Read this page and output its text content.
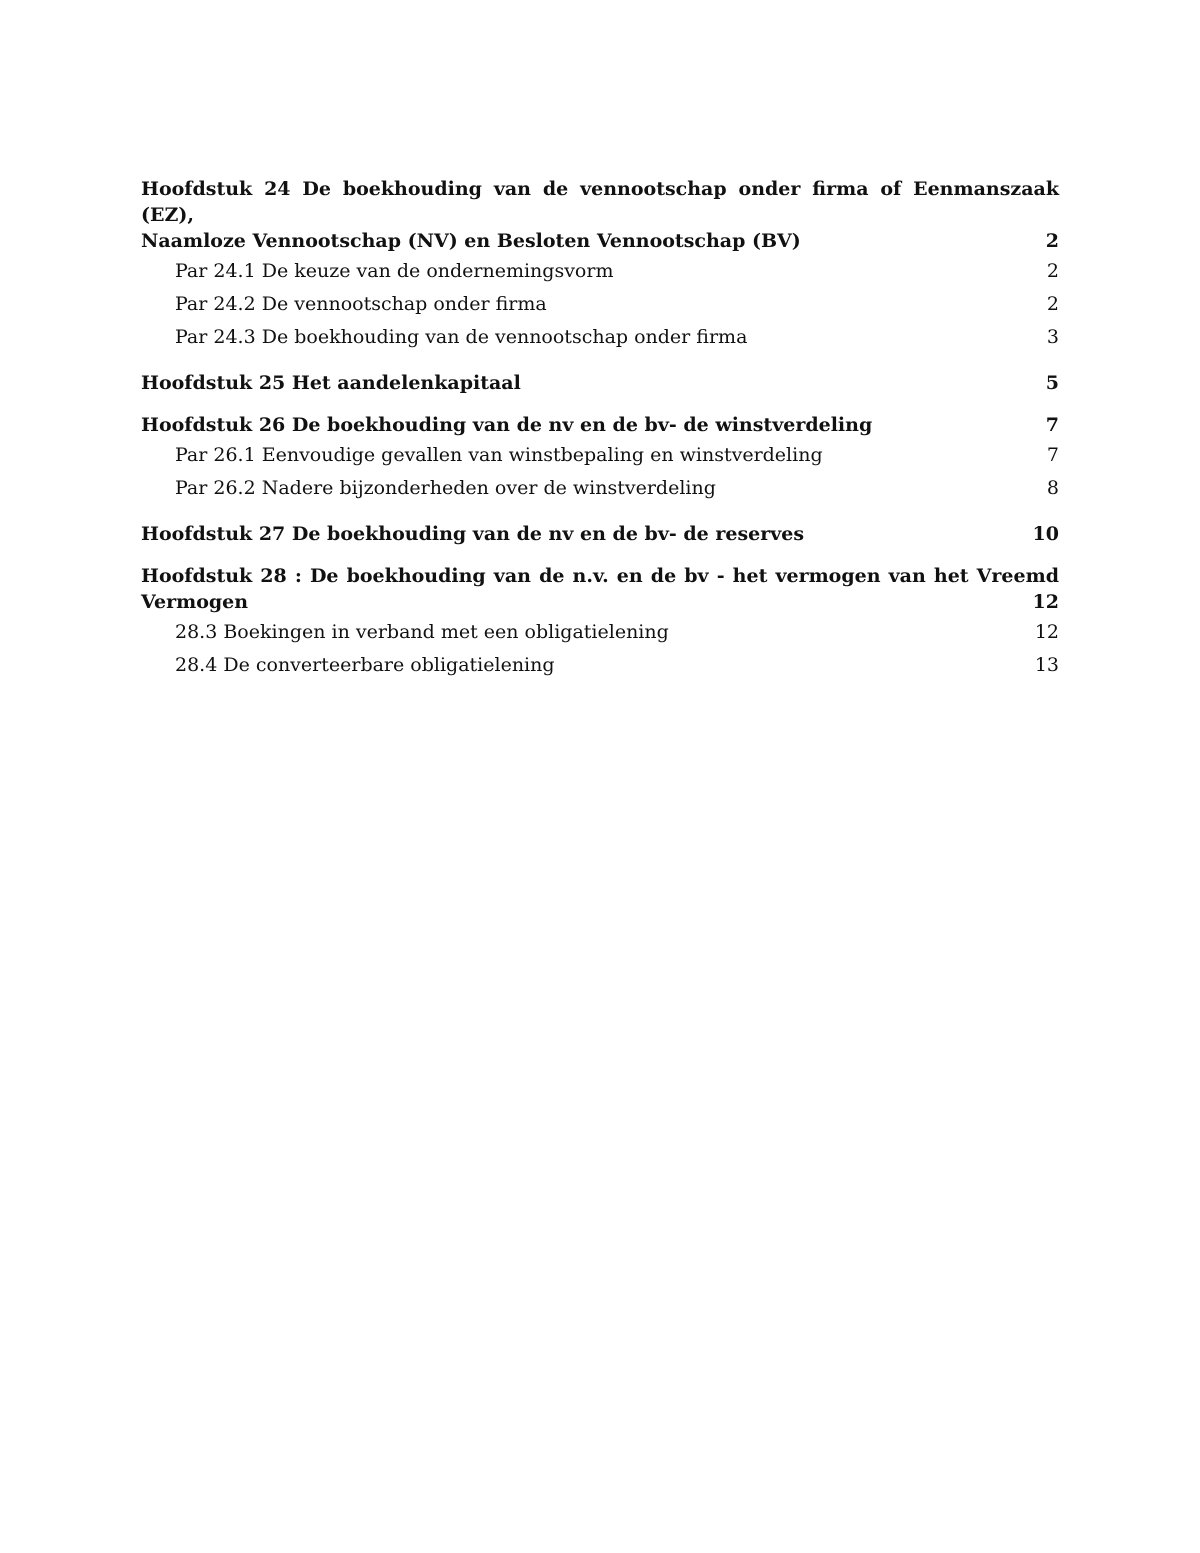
Hoofdstuk 24 De boekhouding van de vennootschap onder firma of Eenmanszaak (EZ),
Naamloze Vennootschap (NV) en Besloten Vennootschap (BV)	2
Par 24.1 De keuze van de ondernemingsvorm	2
Par 24.2 De vennootschap onder firma	2
Par 24.3 De boekhouding van de vennootschap onder firma	3
Hoofdstuk 25 Het aandelenkapitaal	5
Hoofdstuk 26 De boekhouding van de nv en de bv- de winstverdeling	7
Par 26.1 Eenvoudige gevallen van winstbepaling en winstverdeling	7
Par 26.2 Nadere bijzonderheden over de winstverdeling	8
Hoofdstuk 27 De boekhouding van de nv en de bv- de reserves	10
Hoofdstuk 28 : De boekhouding van de n.v. en de bv - het vermogen van het Vreemd
Vermogen	12
28.3 Boekingen in verband met een obligatielening	12
28.4 De converteerbare obligatielening	13
